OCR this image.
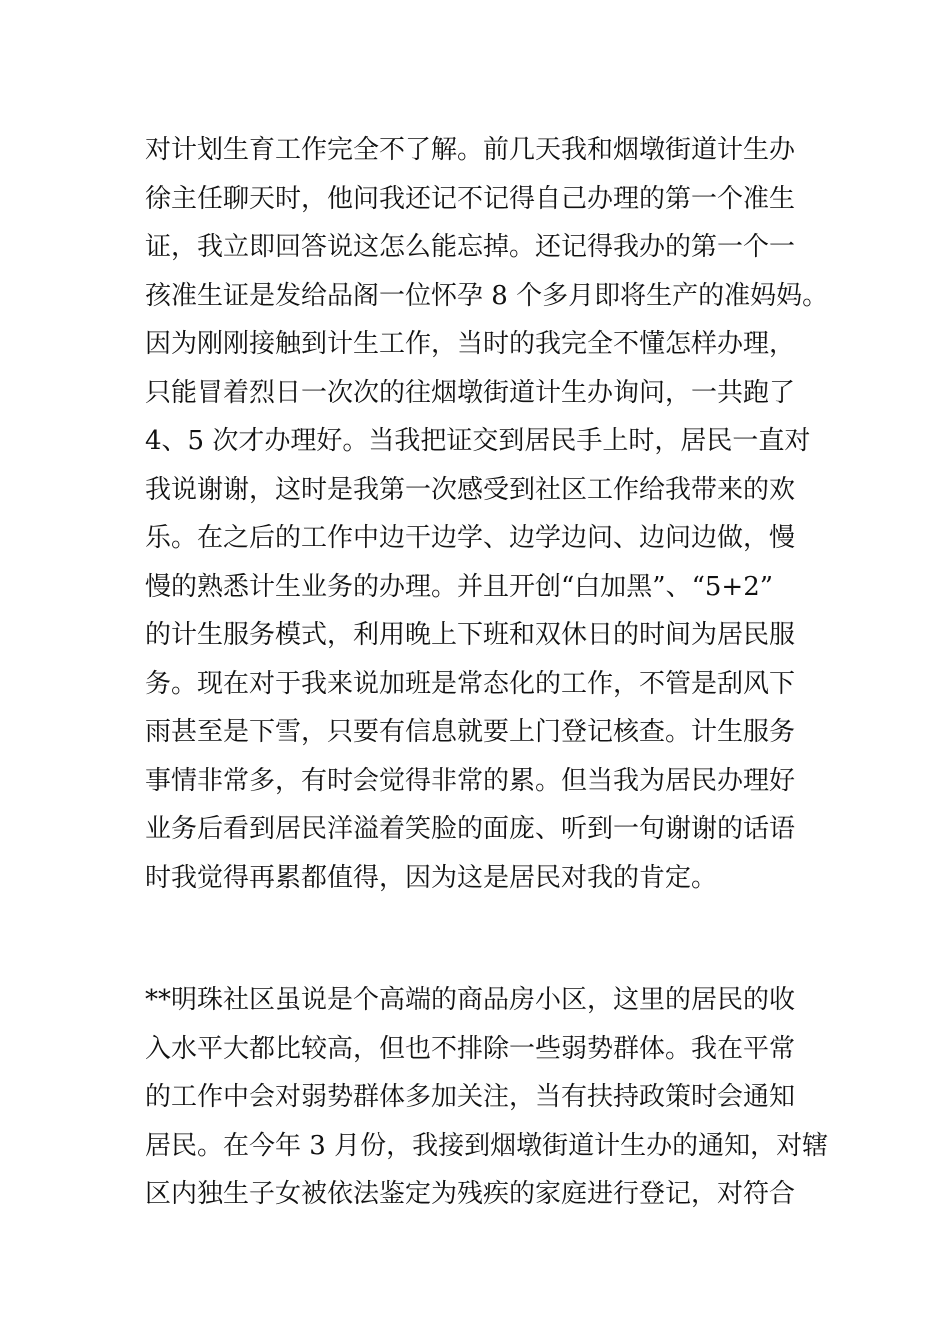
对计划生育工作完全不了解。前几天我和烟墩街道计生办
徐主任聊天时，他问我还记不记得自己办理的第一个准生
证，我立即回答说这怎么能忘掉。还记得我办的第一个一
孩准生证是发给品阁一位怀孕 8 个多月即将生产的准妈妈。
因为刚刚接触到计生工作，当时的我完全不懂怎样办理，
只能冒着烈日一次次的往烟墩街道计生办询问，一共跑了
4、5 次才办理好。当我把证交到居民手上时，居民一直对
我说谢谢，这时是我第一次感受到社区工作给我带来的欢
乐。在之后的工作中边干边学、边学边问、边问边做，慢
慢的熟悉计生业务的办理。并且开创“白加黑”、“5+2”
的计生服务模式，利用晚上下班和双休日的时间为居民服
务。现在对于我来说加班是常态化的工作，不管是刮风下
雨甚至是下雪，只要有信息就要上门登记核查。计生服务
事情非常多，有时会觉得非常的累。但当我为居民办理好
业务后看到居民洋溢着笑脸的面庞、听到一句谢谢的话语
时我觉得再累都值得，因为这是居民对我的肯定。
**明珠社区虽说是个高端的商品房小区，这里的居民的收
入水平大都比较高，但也不排除一些弱势群体。我在平常
的工作中会对弱势群体多加关注，当有扶持政策时会通知
居民。在今年 3 月份，我接到烟墩街道计生办的通知，对辖
区内独生子女被依法鉴定为残疾的家庭进行登记，对符合
